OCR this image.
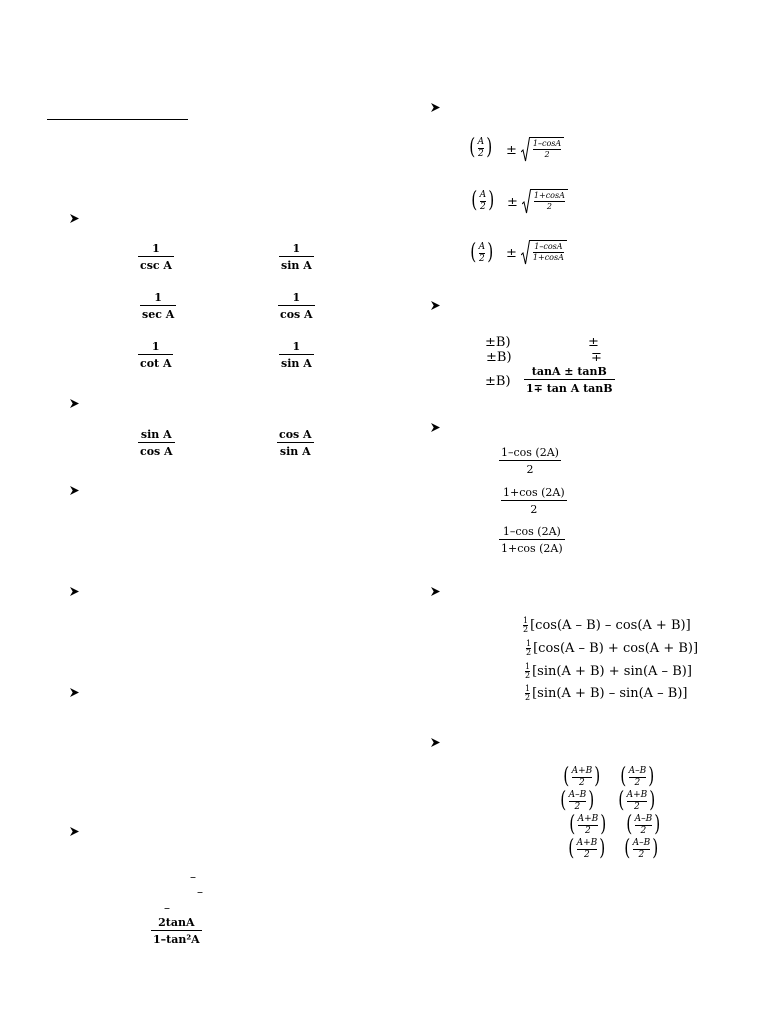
1
csc A
1
sin A
1
sec A
1
cos A
1
cot A
1
sin A
sin A
cos A
cos A
sin A
–
–
–
2tanA
1–tan²A
( A
2 ) ± 1–cosA
2
( A
2 ) ± 1+cosA
2
( A
2 ) ± 1–cosA
1+cosA
±B)	±
±B)	∓
±B)
tanA ± tanB
1∓ tan A tanB
1–cos (2A)
2
1+cos (2A)
2
1–cos (2A)
1+cos (2A)
$\frac{1}{2} [\cos(A - B) - \cos(A + B)]$
$\frac{1}{2} [\cos(A - B) + \cos(A + B)]$
$\frac{1}{2} [\sin(A + B) + \sin(A - B)]$
$\frac{1}{2} [\sin(A + B) - \sin(A - B)]$
( A+B
2 ) ( A–B
2 )
( A–B
2 ) ( A+B
2 )
( A+B
2 ) ( A–B
2 )
( A+B
2 ) ( A–B
2 )
